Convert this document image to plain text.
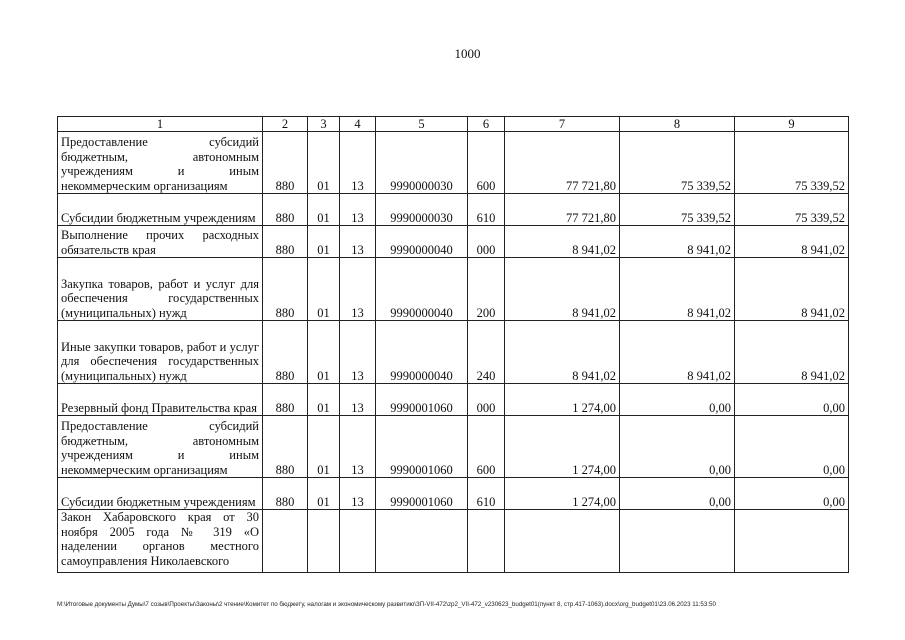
1000
1	2	3	4	5	6	7	8	9
Предоставление субсидий бюджетным, автономным учреждениям и иным некоммерческим организациям	880	01	13	9990000030	600	77 721,80	75 339,52	75 339,52
Субсидии бюджетным учреждениям	880	01	13	9990000030	610	77 721,80	75 339,52	75 339,52
Выполнение прочих расходных обязательств края	880	01	13	9990000040	000	8 941,02	8 941,02	8 941,02
Закупка товаров, работ и услуг для обеспечения государственных (муниципальных) нужд	880	01	13	9990000040	200	8 941,02	8 941,02	8 941,02
Иные закупки товаров, работ и услуг для обеспечения государственных (муниципальных) нужд	880	01	13	9990000040	240	8 941,02	8 941,02	8 941,02
Резервный фонд Правительства края	880	01	13	9990001060	000	1 274,00	0,00	0,00
Предоставление субсидий бюджетным, автономным учреждениям и иным некоммерческим организациям	880	01	13	9990001060	600	1 274,00	0,00	0,00
Субсидии бюджетным учреждениям	880	01	13	9990001060	610	1 274,00	0,00	0,00
Закон Хабаровского края от 30 ноября 2005 года № 319 «О наделении органов местного самоуправления Николаевского								
М:\Итоговые документы Думы\7 созыв\Проекты\Законы\2 чтение\Комитет по бюджету, налогам и экономическому развитию\ЗП-VII-472\zp2_VII-472_v230623_budget01(пункт 8, стр.417-1063).docx\org_budget01\23.06.2023 11:53:50
